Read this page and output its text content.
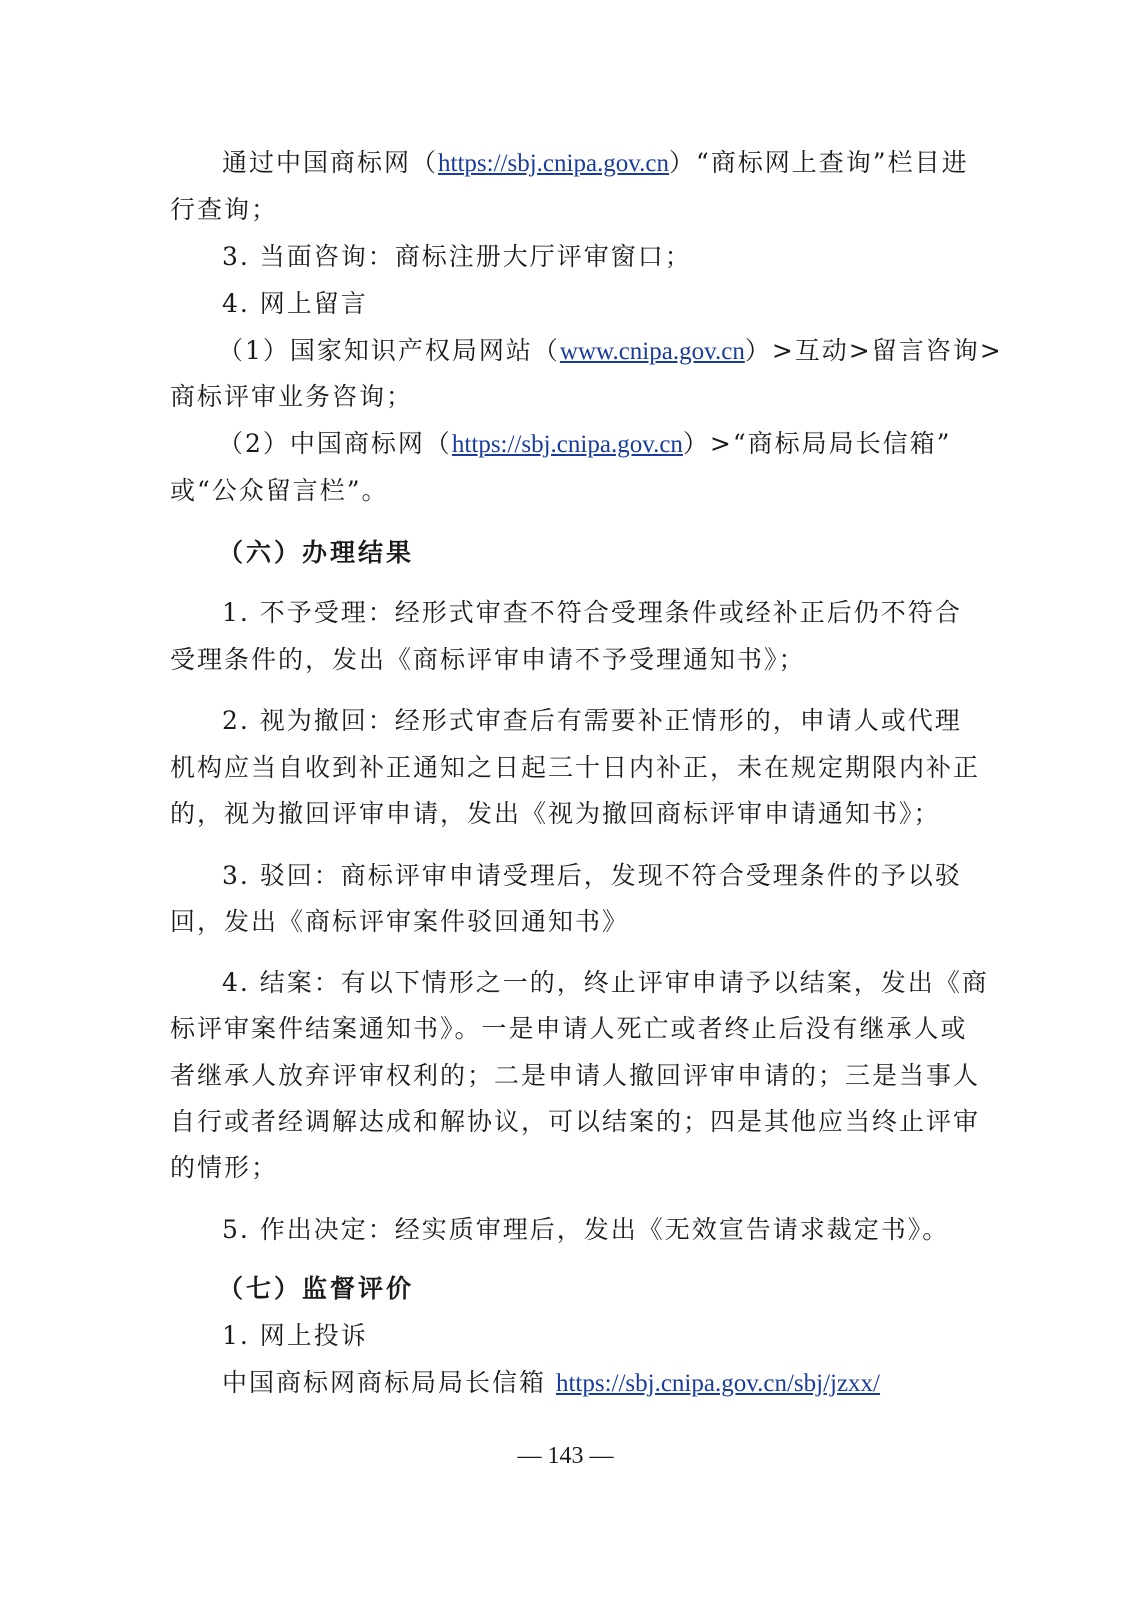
通过中国商标网（https://sbj.cnipa.gov.cn）“商标网上查询”栏目进
行查询；
3. 当面咨询：商标注册大厅评审窗口；
4. 网上留言
（1）国家知识产权局网站（www.cnipa.gov.cn）>互动>留言咨询>
商标评审业务咨询；
（2）中国商标网（https://sbj.cnipa.gov.cn）>“商标局局长信箱”
或“公众留言栏”。
（六）办理结果
1. 不予受理：经形式审查不符合受理条件或经补正后仍不符合
受理条件的，发出《商标评审申请不予受理通知书》；
2. 视为撤回：经形式审查后有需要补正情形的，申请人或代理
机构应当自收到补正通知之日起三十日内补正，未在规定期限内补正
的，视为撤回评审申请，发出《视为撤回商标评审申请通知书》；
3. 驳回：商标评审申请受理后，发现不符合受理条件的予以驳
回，发出《商标评审案件驳回通知书》
4. 结案：有以下情形之一的，终止评审申请予以结案，发出《商
标评审案件结案通知书》。一是申请人死亡或者终止后没有继承人或
者继承人放弃评审权利的；二是申请人撤回评审申请的；三是当事人
自行或者经调解达成和解协议，可以结案的；四是其他应当终止评审
的情形；
5. 作出决定：经实质审理后，发出《无效宣告请求裁定书》。
（七）监督评价
1. 网上投诉
中国商标网商标局局长信箱 https://sbj.cnipa.gov.cn/sbj/jzxx/
— 143 —
